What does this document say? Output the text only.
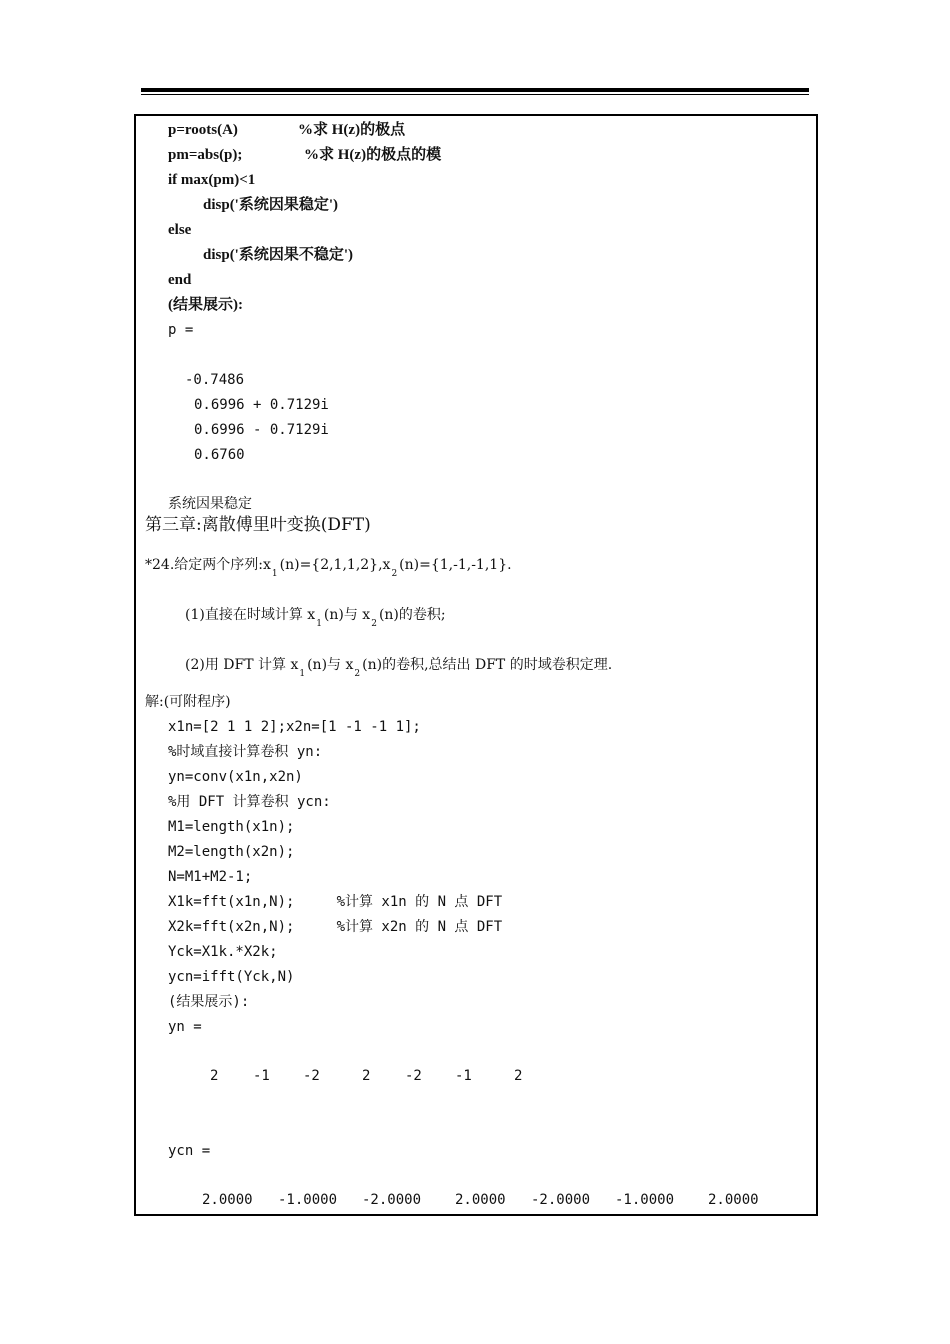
p=roots(A)	%求 H(z)的极点
pm=abs(p);	%求 H(z)的极点的模
if max(pm)<1
disp('系统因果稳定')
else
disp('系统因果不稳定')
end
(结果展示):
p =
-0.7486
0.6996 + 0.7129i
0.6996 - 0.7129i
0.6760
系统因果稳定
第三章:离散傅里叶变换(DFT)
*24.给定两个序列$:x_1(n)=\{2,1,1,2\},x_2(n)=\{1,-1,-1,1\}$.
(1)直接在时域计算 $x_1(n)$与 $x_2(n)$的卷积;
(2)用 DFT 计算 $x_1(n)$与 $x_2(n)$的卷积,总结出 DFT 的时域卷积定理.
解:(可附程序)
x1n=[2 1 1 2];x2n=[1 -1 -1 1];
%时域直接计算卷积 yn:
yn=conv(x1n,x2n)
%用 DFT 计算卷积 ycn:
M1=length(x1n);
M2=length(x2n);
N=M1+M2-1;
X1k=fft(x1n,N);     %计算 x1n 的 N 点 DFT
X2k=fft(x2n,N);     %计算 x2n 的 N 点 DFT
Yck=X1k.*X2k;
ycn=ifft(Yck,N)
(结果展示):
yn =
2 -1 -2	2 -2 -1	2
ycn =
2.0000 -1.0000 -2.0000 2.0000 -2.0000 -1.0000 2.0000
